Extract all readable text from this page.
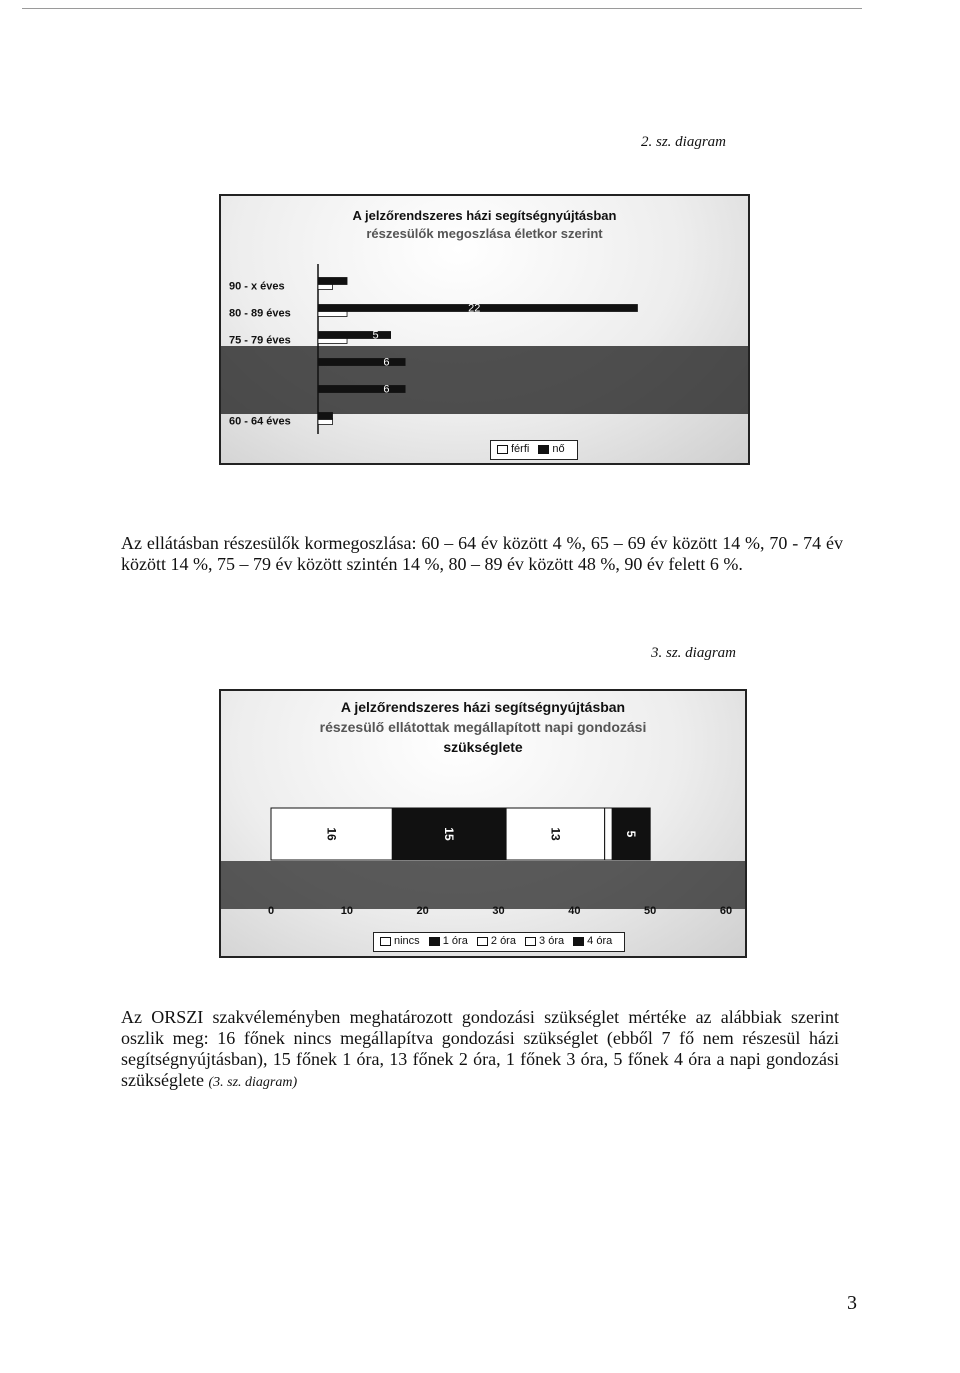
2. sz. diagram
A jelzőrendszeres házi segítségnyújtásban
részesülők megoszlása életkor szerint
90 - x éves
80 - 89 éves	22
75 - 79 éves	5
6
6
60 - 64 éves
férfi
nő

Az ellátásban részesülők kormegoszlása: 60 – 64 év között 4 %, 65 – 69 év között 14 %, 70 - 74 év között 14 %, 75 – 79 év között szintén 14 %, 80 – 89 év között 48 %, 90 év felett 6 %.

3. sz. diagram
A jelzőrendszeres házi segítségnyújtásban
részesülő ellátottak megállapított napi gondozási
szükséglete
16	15	13	5
0	10	20	30	40	50	60
nincs
1 óra
2 óra
3 óra
4 óra

Az ORSZI szakvéleményben meghatározott gondozási szükséglet mértéke az alábbiak szerint oszlik meg: 16 főnek nincs megállapítva gondozási szükséglet (ebből 7 fő nem részesül házi segítségnyújtásban), 15 főnek 1 óra, 13 főnek 2 óra, 1 főnek 3 óra, 5 főnek 4 óra a napi gondozási szükséglete (3. sz. diagram)

3
